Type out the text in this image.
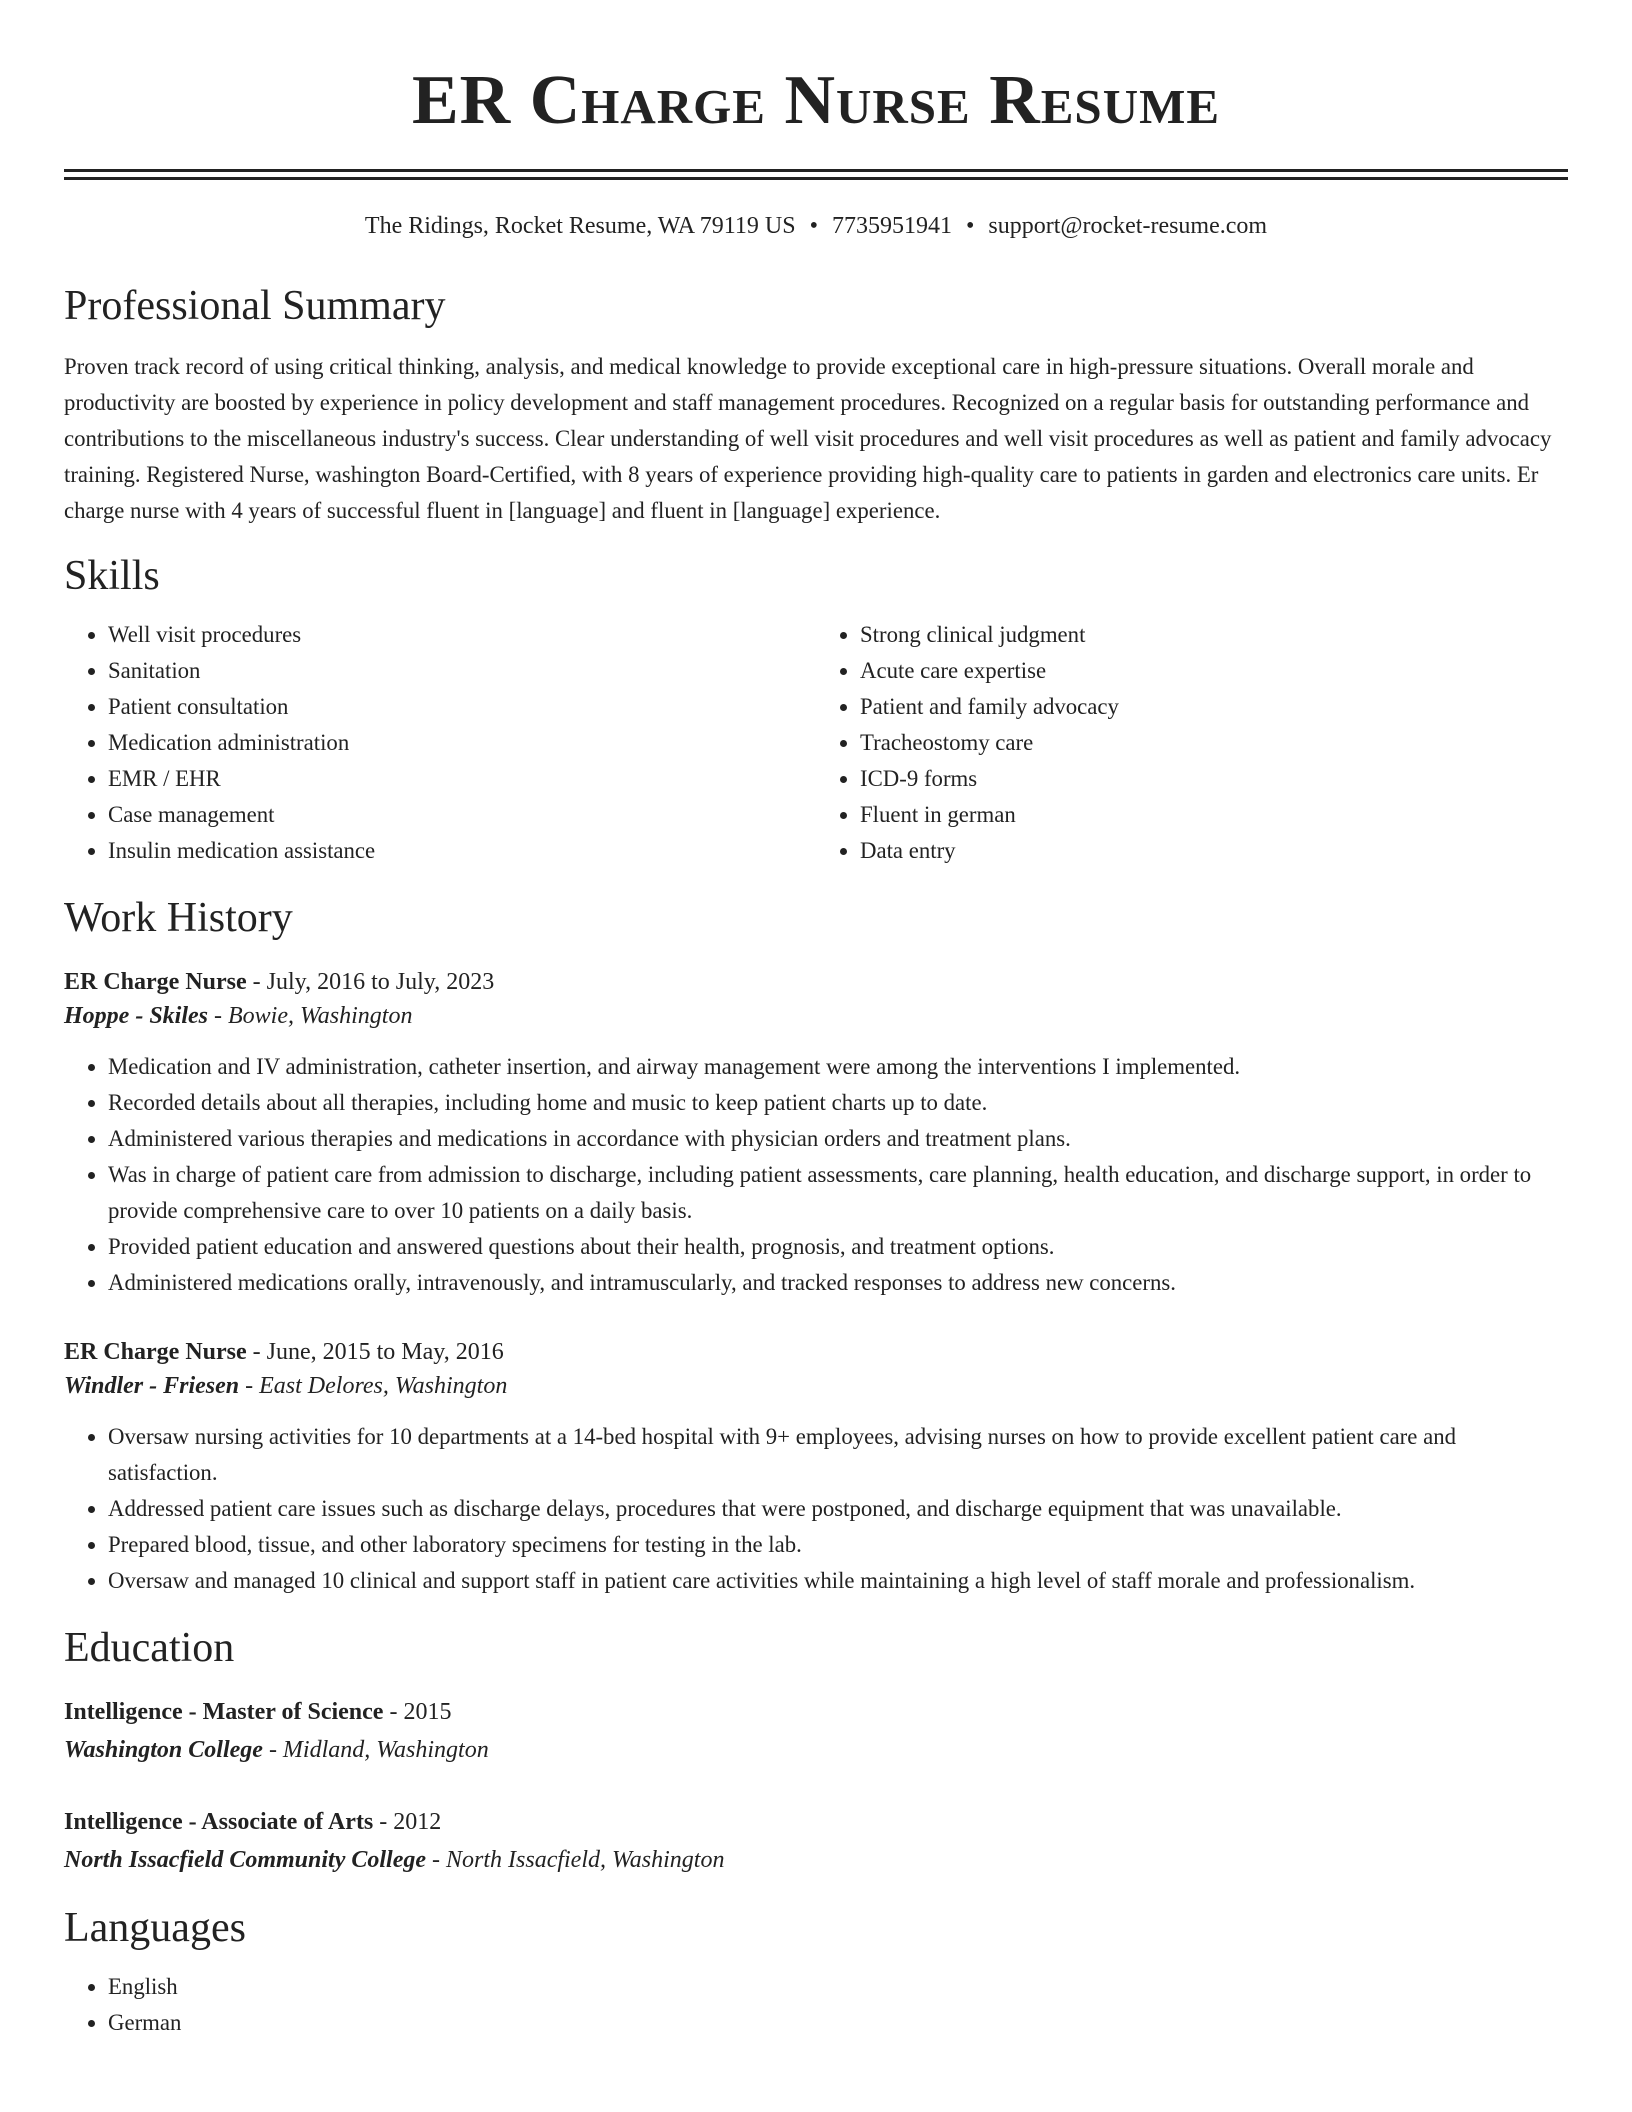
ER Charge Nurse Resume
The Ridings, Rocket Resume, WA 79119 US • 7735951941 • support@rocket-resume.com
Professional Summary

Proven track record of using critical thinking, analysis, and medical knowledge to provide exceptional care in high-pressure situations. Overall morale and productivity are boosted by experience in policy development and staff management procedures. Recognized on a regular basis for outstanding performance and contributions to the miscellaneous industry's success. Clear understanding of well visit procedures and well visit procedures as well as patient and family advocacy training. Registered Nurse, washington Board-Certified, with 8 years of experience providing high-quality care to patients in garden and electronics care units. Er charge nurse with 4 years of successful fluent in [language] and fluent in [language] experience.

Skills
• Well visit procedures
• Sanitation
• Patient consultation
• Medication administration
• EMR / EHR
• Case management
• Insulin medication assistance
• Strong clinical judgment
• Acute care expertise
• Patient and family advocacy
• Tracheostomy care
• ICD-9 forms
• Fluent in german
• Data entry
Work History
ER Charge Nurse - July, 2016 to July, 2023
Hoppe - Skiles - Bowie, Washington
• Medication and IV administration, catheter insertion, and airway management were among the interventions I implemented.
• Recorded details about all therapies, including home and music to keep patient charts up to date.
• Administered various therapies and medications in accordance with physician orders and treatment plans.
• Was in charge of patient care from admission to discharge, including patient assessments, care planning, health education, and discharge support, in order to provide comprehensive care to over 10 patients on a daily basis.
• Provided patient education and answered questions about their health, prognosis, and treatment options.
• Administered medications orally, intravenously, and intramuscularly, and tracked responses to address new concerns.
ER Charge Nurse - June, 2015 to May, 2016
Windler - Friesen - East Delores, Washington
• Oversaw nursing activities for 10 departments at a 14-bed hospital with 9+ employees, advising nurses on how to provide excellent patient care and satisfaction.
• Addressed patient care issues such as discharge delays, procedures that were postponed, and discharge equipment that was unavailable.
• Prepared blood, tissue, and other laboratory specimens for testing in the lab.
• Oversaw and managed 10 clinical and support staff in patient care activities while maintaining a high level of staff morale and professionalism.
Education
Intelligence - Master of Science - 2015
Washington College - Midland, Washington
Intelligence - Associate of Arts - 2012
North Issacfield Community College - North Issacfield, Washington
Languages
• English
• German
